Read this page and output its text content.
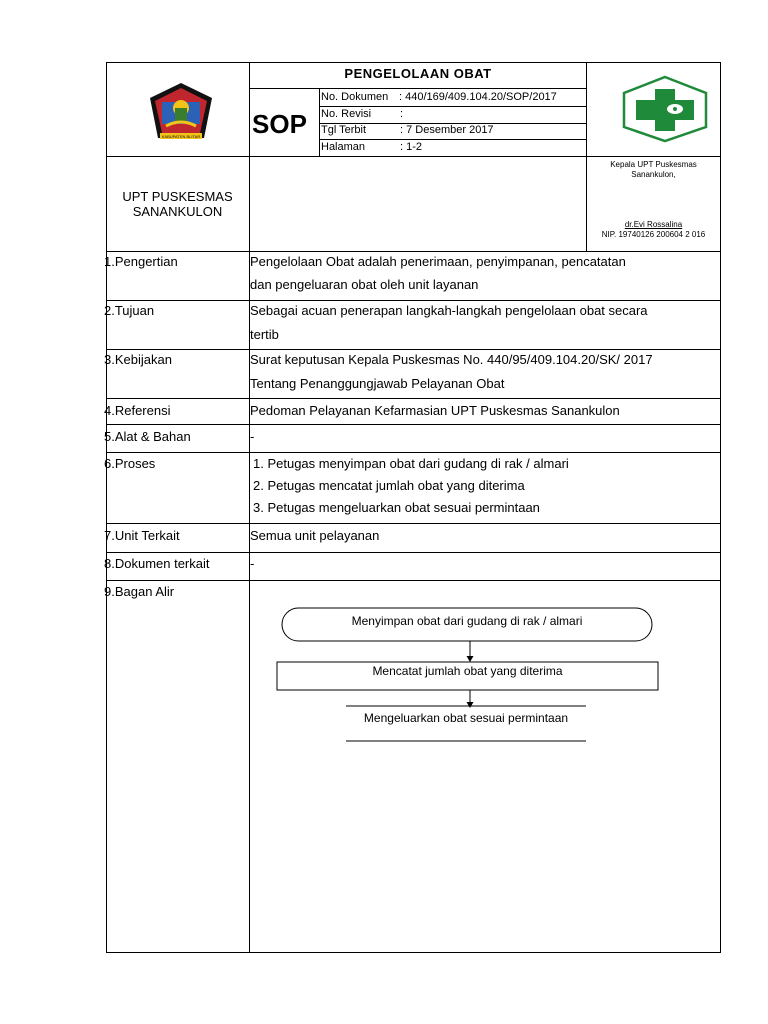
KABUPATEN BLITAR
PENGELOLAAN OBAT
SOP
No. Dokumen : 440/169/409.104.20/SOP/2017
No. Revisi	:
Tgl Terbit	: 7 Desember 2017
Halaman	: 1-2
UPT PUSKESMAS
SANANKULON
Kepala UPT Puskesmas
Sanankulon,
dr.Evi Rossalina
NIP. 19740126 200604 2 016
1.Pengertian	Pengelolaan Obat adalah penerimaan, penyimpanan, pencatatan
dan pengeluaran obat oleh unit layanan
2.Tujuan	Sebagai acuan penerapan langkah-langkah pengelolaan obat secara
tertib
3.Kebijakan	Surat keputusan Kepala Puskesmas No. 440/95/409.104.20/SK/ 2017
Tentang Penanggungjawab Pelayanan Obat
4.Referensi	Pedoman Pelayanan Kefarmasian UPT Puskesmas Sanankulon
5.Alat & Bahan	-
6.Proses	1. Petugas menyimpan obat dari gudang di rak / almari
2. Petugas mencatat jumlah obat yang diterima
3. Petugas mengeluarkan obat sesuai permintaan
7.Unit Terkait	Semua unit pelayanan
8.Dokumen terkait	-
9.Bagan Alir
Menyimpan obat dari gudang di rak / almari
Mencatat jumlah obat yang diterima
Mengeluarkan obat sesuai permintaan
